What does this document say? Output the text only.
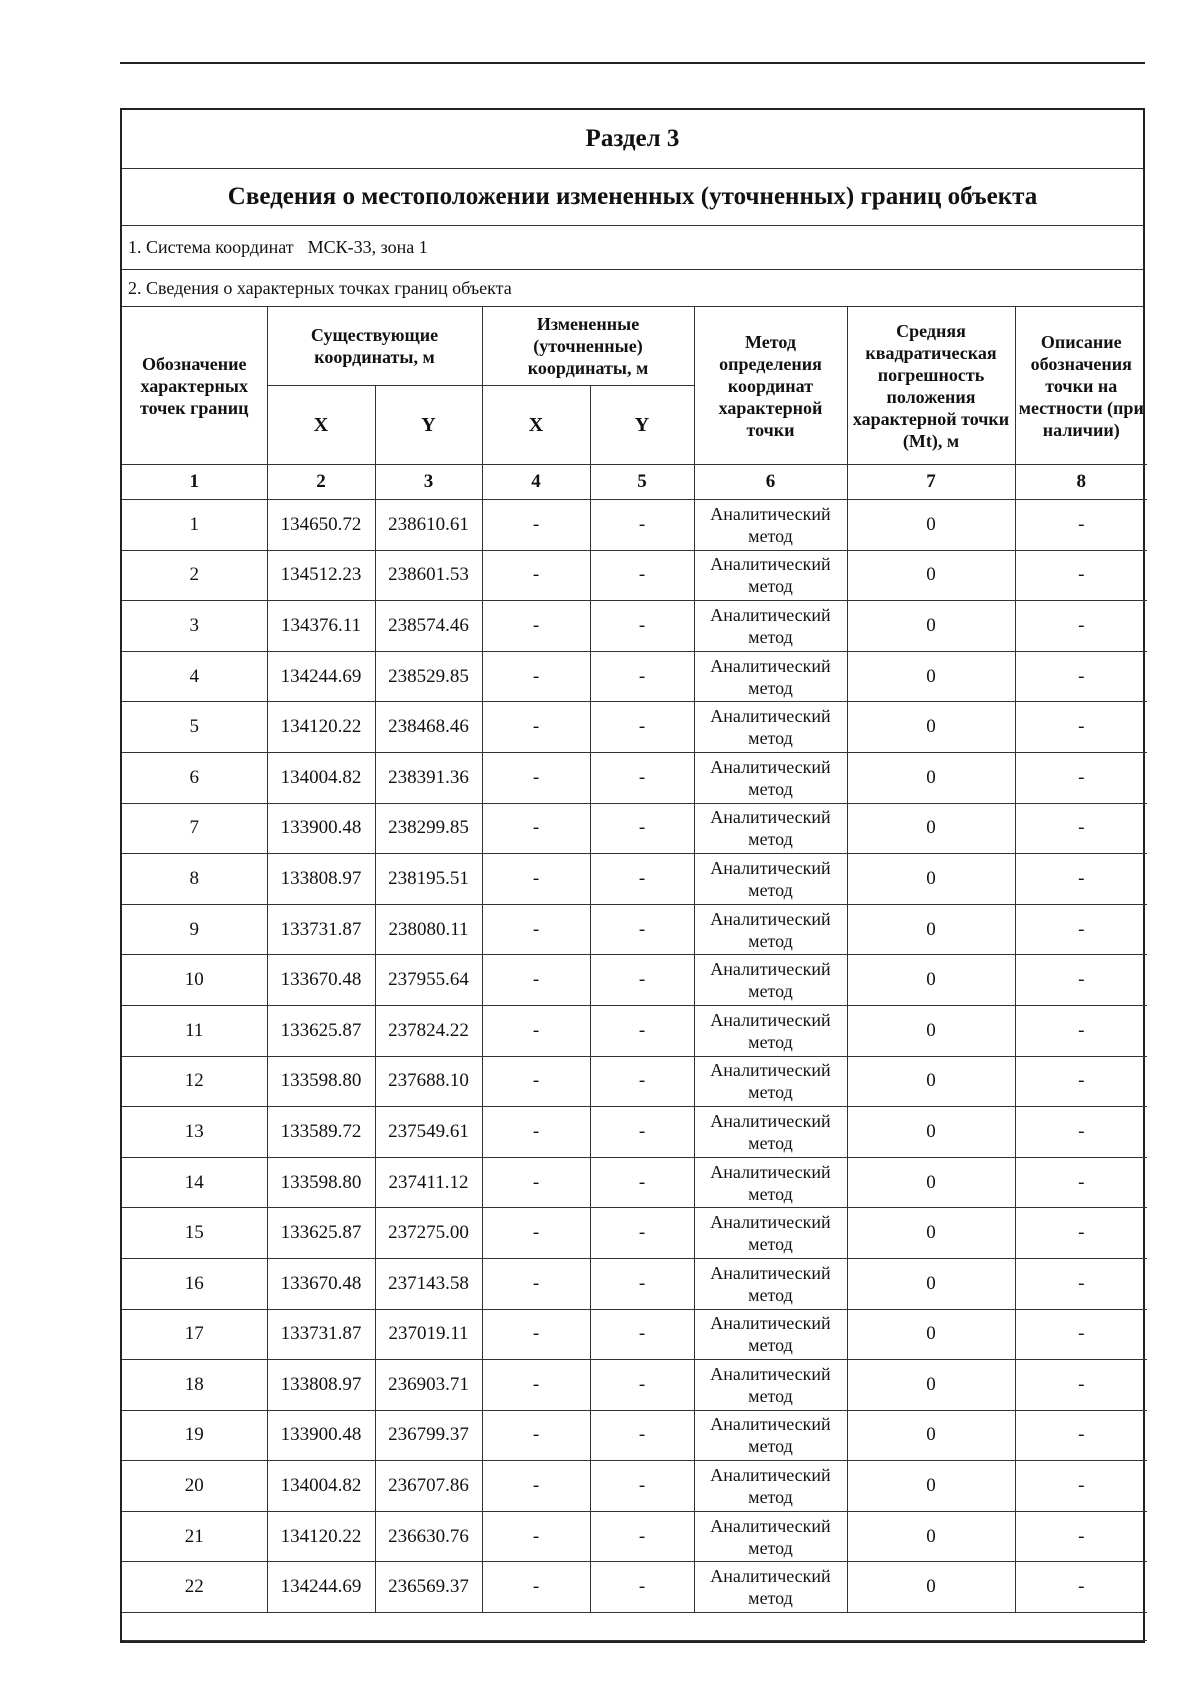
Раздел 3
Сведения о местоположении измененных (уточненных) границ объекта
1. Система координат МСК-33, зона 1
2. Сведения о характерных точках границ объекта
Обозначение характерных точек границ	Существующие координаты, м		Измененные (уточненные) координаты, м		Метод определения координат характерной точки	Средняя квадратическая погрешность положения характерной точки (Mt), м	Описание обозначения точки на местности (при наличии)
	X	Y	X	Y			
1	2	3	4	5	6	7	8
1	134650.72	238610.61	-	-	Аналитический метод	0	-
2	134512.23	238601.53	-	-	Аналитический метод	0	-
3	134376.11	238574.46	-	-	Аналитический метод	0	-
4	134244.69	238529.85	-	-	Аналитический метод	0	-
5	134120.22	238468.46	-	-	Аналитический метод	0	-
6	134004.82	238391.36	-	-	Аналитический метод	0	-
7	133900.48	238299.85	-	-	Аналитический метод	0	-
8	133808.97	238195.51	-	-	Аналитический метод	0	-
9	133731.87	238080.11	-	-	Аналитический метод	0	-
10	133670.48	237955.64	-	-	Аналитический метод	0	-
11	133625.87	237824.22	-	-	Аналитический метод	0	-
12	133598.80	237688.10	-	-	Аналитический метод	0	-
13	133589.72	237549.61	-	-	Аналитический метод	0	-
14	133598.80	237411.12	-	-	Аналитический метод	0	-
15	133625.87	237275.00	-	-	Аналитический метод	0	-
16	133670.48	237143.58	-	-	Аналитический метод	0	-
17	133731.87	237019.11	-	-	Аналитический метод	0	-
18	133808.97	236903.71	-	-	Аналитический метод	0	-
19	133900.48	236799.37	-	-	Аналитический метод	0	-
20	134004.82	236707.86	-	-	Аналитический метод	0	-
21	134120.22	236630.76	-	-	Аналитический метод	0	-
22	134244.69	236569.37	-	-	Аналитический метод	0	-
